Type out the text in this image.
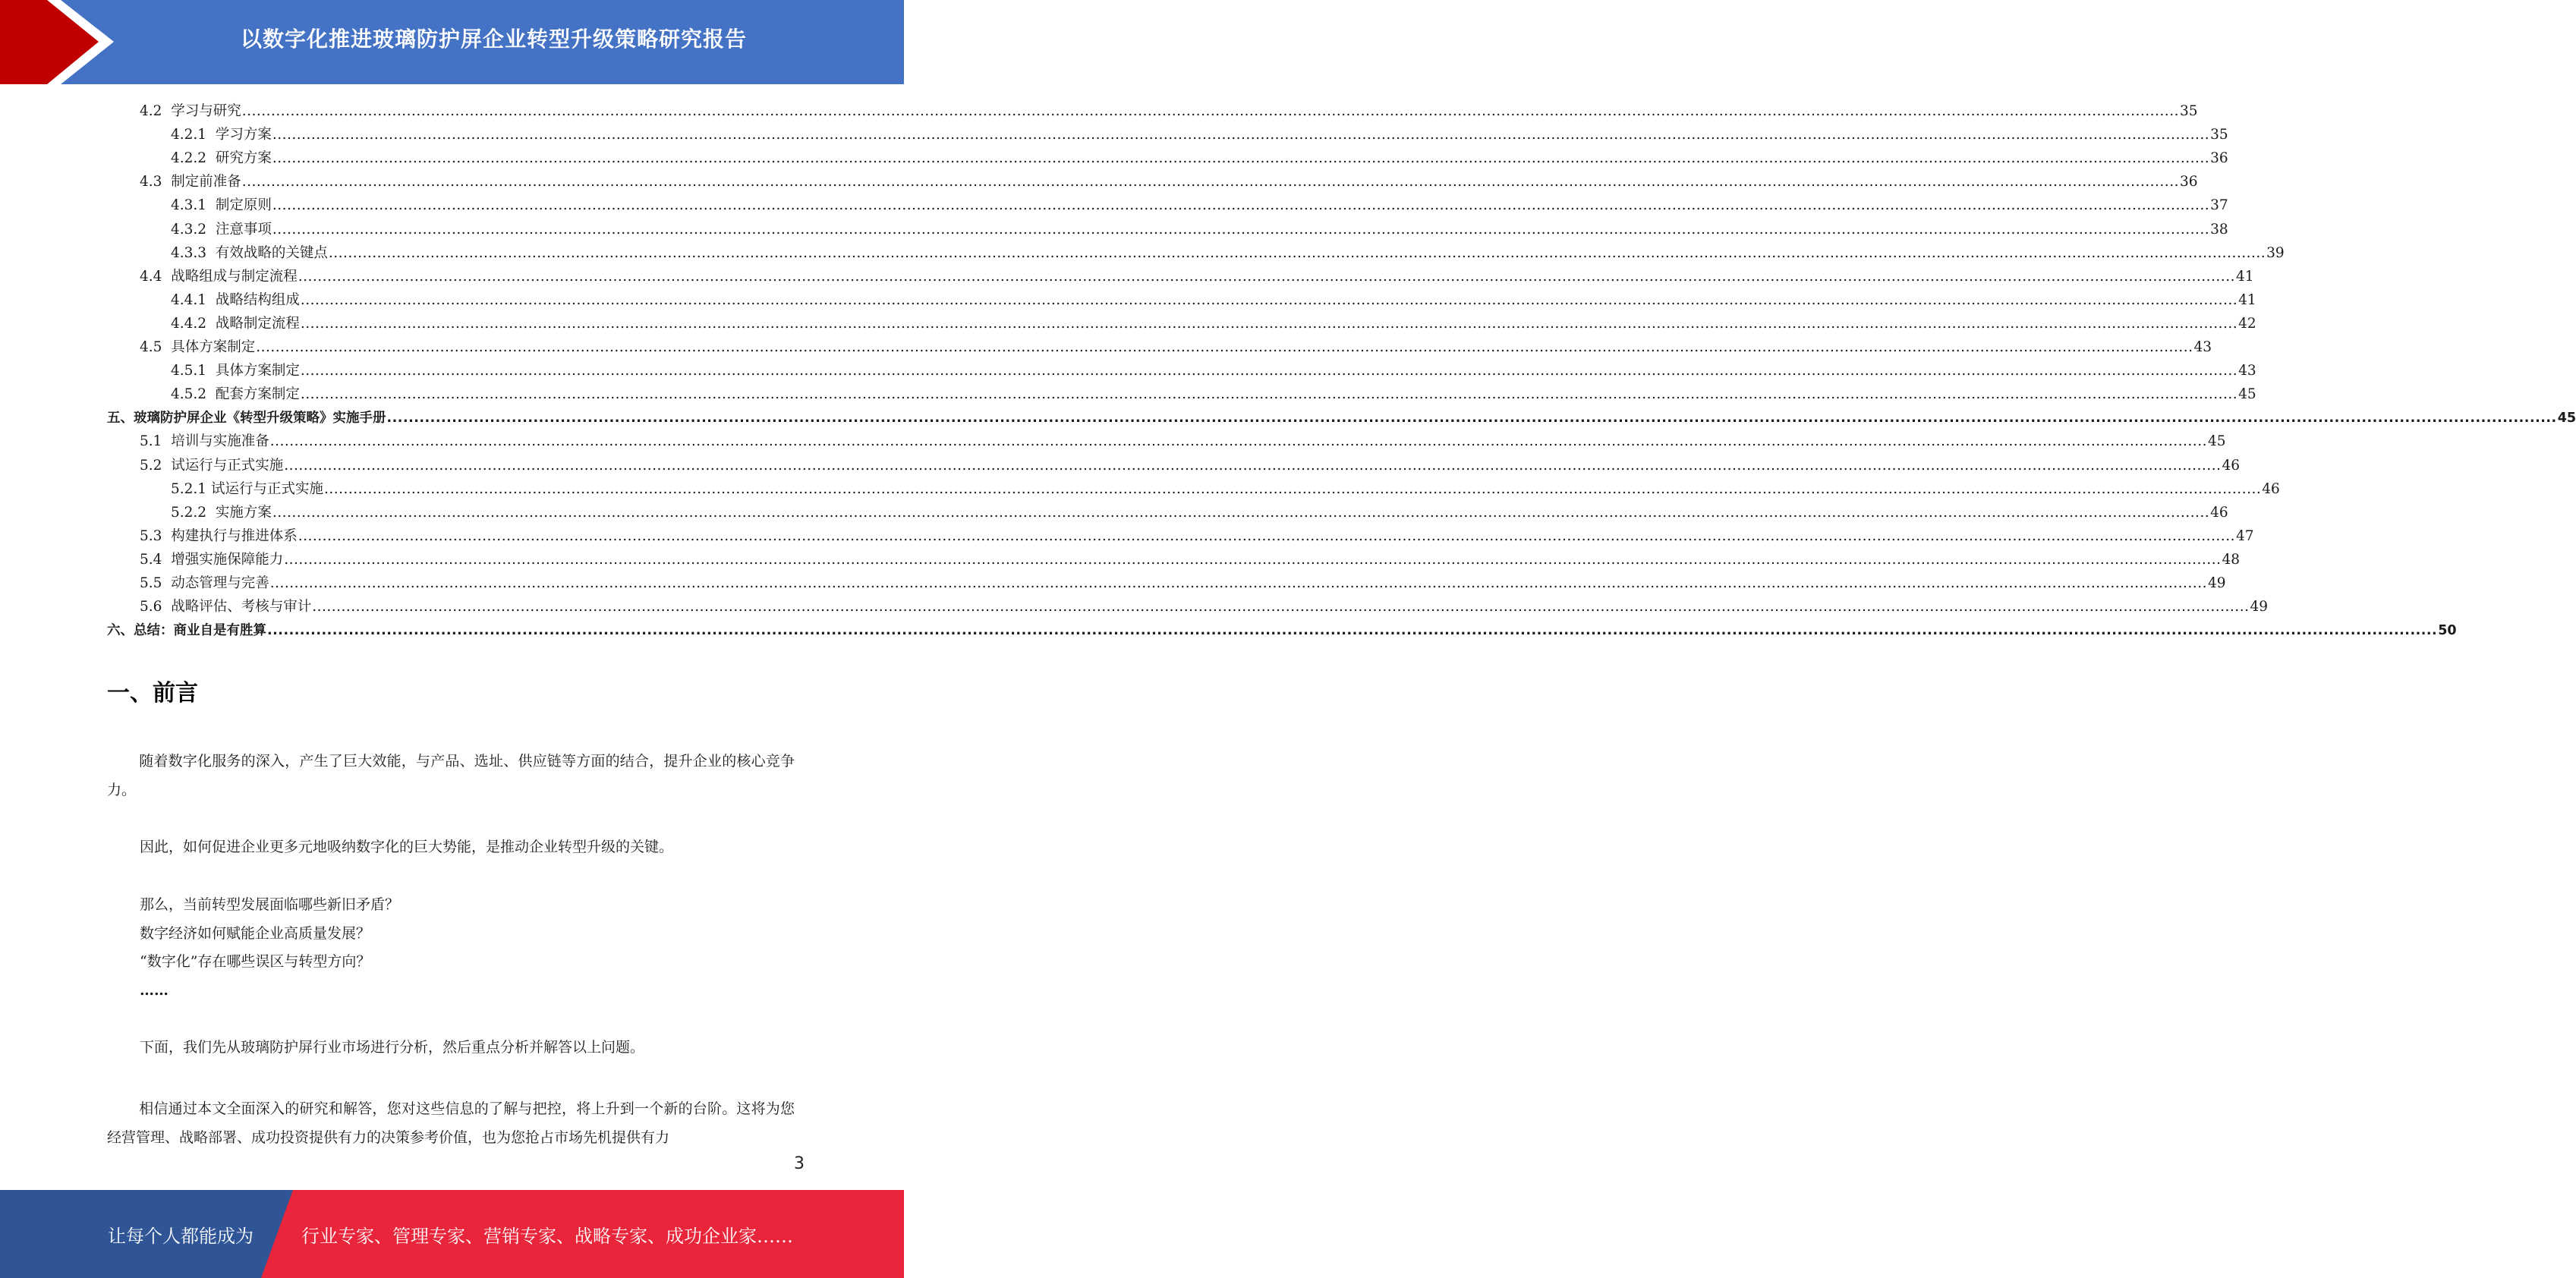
以数字化推进玻璃防护屏企业转型升级策略研究报告
4.2 学习与研究 ................................................................................................................................................................................................................................................................................................................................................................................................................ 35
4.2.1 学习方案 ................................................................................................................................................................................................................................................................................................................................................................................................................ 35
4.2.2 研究方案 ................................................................................................................................................................................................................................................................................................................................................................................................................ 36
4.3 制定前准备 ................................................................................................................................................................................................................................................................................................................................................................................................................ 36
4.3.1 制定原则 ................................................................................................................................................................................................................................................................................................................................................................................................................ 37
4.3.2 注意事项 ................................................................................................................................................................................................................................................................................................................................................................................................................ 38
4.3.3 有效战略的关键点 ................................................................................................................................................................................................................................................................................................................................................................................................................ 39
4.4 战略组成与制定流程 ................................................................................................................................................................................................................................................................................................................................................................................................................ 41
4.4.1 战略结构组成 ................................................................................................................................................................................................................................................................................................................................................................................................................ 41
4.4.2 战略制定流程 ................................................................................................................................................................................................................................................................................................................................................................................................................ 42
4.5 具体方案制定 ................................................................................................................................................................................................................................................................................................................................................................................................................ 43
4.5.1 具体方案制定 ................................................................................................................................................................................................................................................................................................................................................................................................................ 43
4.5.2 配套方案制定 ................................................................................................................................................................................................................................................................................................................................................................................................................ 45
五、玻璃防护屏企业《转型升级策略》实施手册 ................................................................................................................................................................................................................................................................................................................................................................................................................ 45
5.1 培训与实施准备 ................................................................................................................................................................................................................................................................................................................................................................................................................ 45
5.2 试运行与正式实施 ................................................................................................................................................................................................................................................................................................................................................................................................................ 46
5.2.1 试运行与正式实施 ................................................................................................................................................................................................................................................................................................................................................................................................................ 46
5.2.2 实施方案 ................................................................................................................................................................................................................................................................................................................................................................................................................ 46
5.3 构建执行与推进体系 ................................................................................................................................................................................................................................................................................................................................................................................................................ 47
5.4 增强实施保障能力 ................................................................................................................................................................................................................................................................................................................................................................................................................ 48
5.5 动态管理与完善 ................................................................................................................................................................................................................................................................................................................................................................................................................ 49
5.6 战略评估、考核与审计 ................................................................................................................................................................................................................................................................................................................................................................................................................ 49
六、总结：商业自是有胜算 ................................................................................................................................................................................................................................................................................................................................................................................................................ 50
一、前言
随着数字化服务的深入，产生了巨大效能，与产品、选址、供应链等方面的结合，提升企业的核心竞争力。
因此，如何促进企业更多元地吸纳数字化的巨大势能，是推动企业转型升级的关键。
那么，当前转型发展面临哪些新旧矛盾？
数字经济如何赋能企业高质量发展？
“数字化”存在哪些误区与转型方向？
……
下面，我们先从玻璃防护屏行业市场进行分析，然后重点分析并解答以上问题。
相信通过本文全面深入的研究和解答，您对这些信息的了解与把控，将上升到一个新的台阶。这将为您经营管理、战略部署、成功投资提供有力的决策参考价值，也为您抢占市场先机提供有力
3
让每个人都能成为	行业专家、管理专家、营销专家、战略专家、成功企业家……
